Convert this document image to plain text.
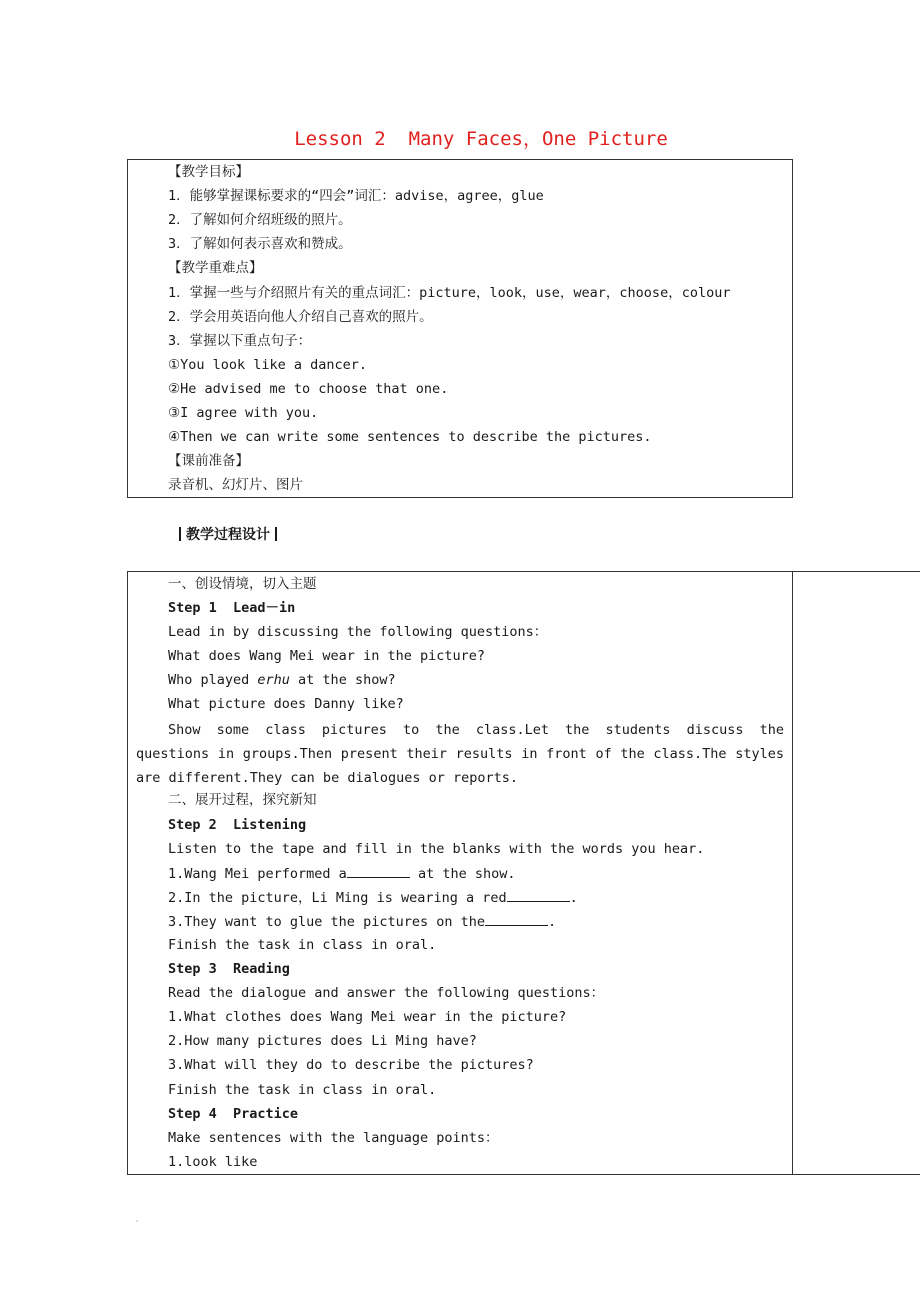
Lesson 2  Many Faces，One Picture
【教学目标】
1．能够掌握课标要求的“四会”词汇：advise，agree，glue
2．了解如何介绍班级的照片。
3．了解如何表示喜欢和赞成。
【教学重难点】
1．掌握一些与介绍照片有关的重点词汇：picture，look，use，wear，choose，colour
2．学会用英语向他人介绍自己喜欢的照片。
3．掌握以下重点句子：
①You look like a dancer.
②He advised me to choose that one.
③I agree with you.
④Then we can write some sentences to describe the pictures.
【课前准备】
录音机、幻灯片、图片
教学过程设计
一、创设情境，切入主题
Step 1  Lead－in
Lead in by discussing the following questions：
What does Wang Mei wear in the picture?
Who played erhu at the show?
What picture does Danny like?
Show some class pictures to the class.Let the students discuss the questions in groups.Then present their results in front of the class.The styles are different.They can be dialogues or reports.
二、展开过程，探究新知
Step 2  Listening
Listen to the tape and fill in the blanks with the words you hear.
1.Wang Mei performed a	at the show.
2.In the picture，Li Ming is wearing a red	.
3.They want to glue the pictures on the	.
Finish the task in class in oral.
Step 3  Reading
Read the dialogue and answer the following questions：
1.What clothes does Wang Mei wear in the picture?
2.How many pictures does Li Ming have?
3.What will they do to describe the pictures?
Finish the task in class in oral.
Step 4  Practice
Make sentences with the language points：
1.look like
